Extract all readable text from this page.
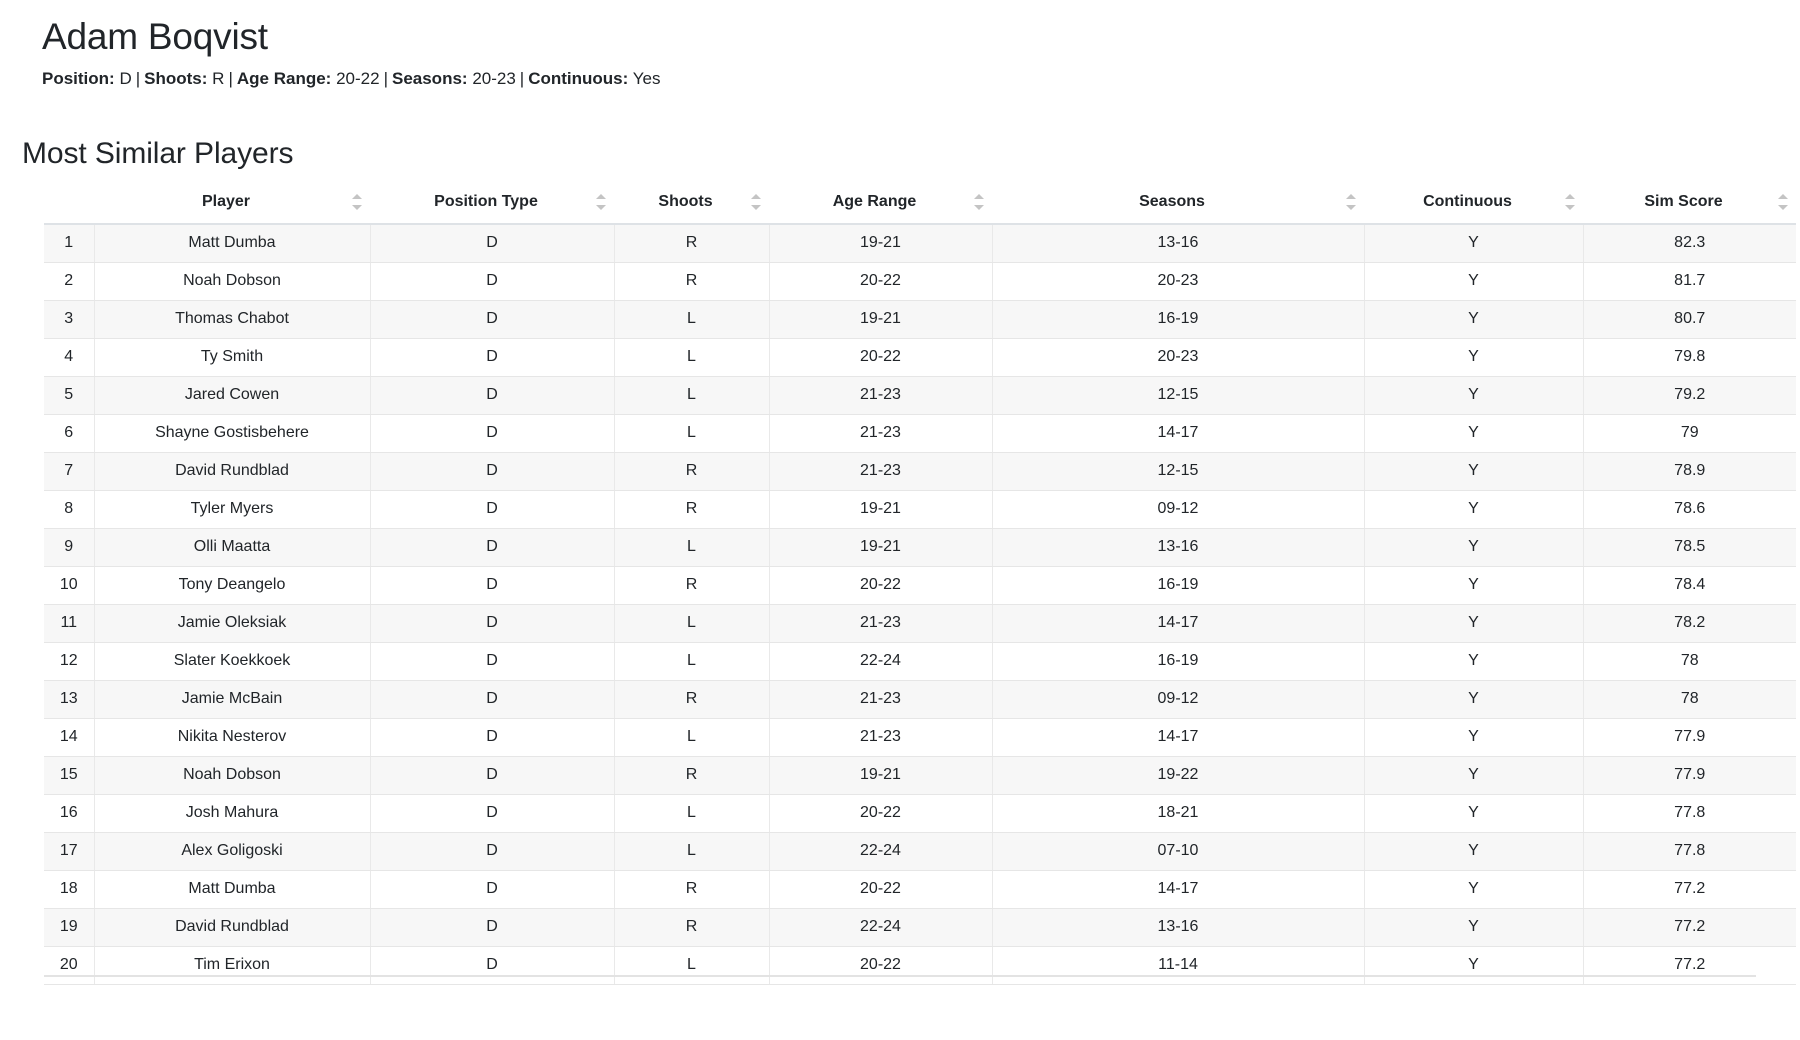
Adam Boqvist
Position: D | Shoots: R | Age Range: 20-22 | Seasons: 20-23 | Continuous: Yes
Most Similar Players
	Player	Position Type	Shoots	Age Range	Seasons	Continuous	Sim Score

1	Matt Dumba	D	R	19-21	13-16	Y	82.3
2	Noah Dobson	D	R	20-22	20-23	Y	81.7
3	Thomas Chabot	D	L	19-21	16-19	Y	80.7
4	Ty Smith	D	L	20-22	20-23	Y	79.8
5	Jared Cowen	D	L	21-23	12-15	Y	79.2
6	Shayne Gostisbehere	D	L	21-23	14-17	Y	79
7	David Rundblad	D	R	21-23	12-15	Y	78.9
8	Tyler Myers	D	R	19-21	09-12	Y	78.6
9	Olli Maatta	D	L	19-21	13-16	Y	78.5
10	Tony Deangelo	D	R	20-22	16-19	Y	78.4
11	Jamie Oleksiak	D	L	21-23	14-17	Y	78.2
12	Slater Koekkoek	D	L	22-24	16-19	Y	78
13	Jamie McBain	D	R	21-23	09-12	Y	78
14	Nikita Nesterov	D	L	21-23	14-17	Y	77.9
15	Noah Dobson	D	R	19-21	19-22	Y	77.9
16	Josh Mahura	D	L	20-22	18-21	Y	77.8
17	Alex Goligoski	D	L	22-24	07-10	Y	77.8
18	Matt Dumba	D	R	20-22	14-17	Y	77.2
19	David Rundblad	D	R	22-24	13-16	Y	77.2
20	Tim Erixon	D	L	20-22	11-14	Y	77.2
